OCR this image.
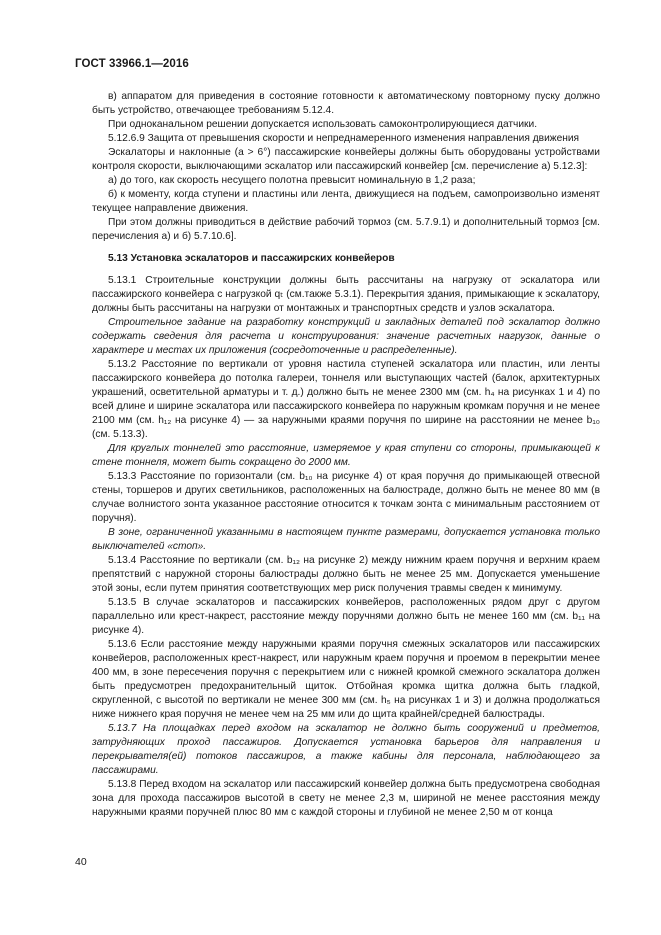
ГОСТ 33966.1—2016

в) аппаратом для приведения в состояние готовности к автоматическому повторному пуску должно быть устройство, отвечающее требованиям 5.12.4.

При одноканальном решении допускается использовать самоконтролирующиеся датчики.

5.12.6.9 Защита от превышения скорости и непреднамеренного изменения направления движения

Эскалаторы и наклонные (а > 6°) пассажирские конвейеры должны быть оборудованы устройствами контроля скорости, выключающими эскалатор или пассажирский конвейер [см. перечисление а) 5.12.3]:

а) до того, как скорость несущего полотна превысит номинальную в 1,2 раза;

б) к моменту, когда ступени и пластины или лента, движущиеся на подъем, самопроизвольно изменят текущее направление движения.

При этом должны приводиться в действие рабочий тормоз (см. 5.7.9.1) и дополнительный тормоз [см. перечисления а) и б) 5.7.10.6].

5.13 Установка эскалаторов и пассажирских конвейеров

5.13.1 Строительные конструкции должны быть рассчитаны на нагрузку от эскалатора или пассажирского конвейера с нагрузкой qₜ (см.также 5.3.1). Перекрытия здания, примыкающие к эскалатору, должны быть рассчитаны на нагрузки от монтажных и транспортных средств и узлов эскалатора.

Строительное задание на разработку конструкций и закладных деталей под эскалатор должно содержать сведения для расчета и конструирования: значение расчетных нагрузок, данные о характере и местах их приложения (сосредоточенные и распределенные).

5.13.2 Расстояние по вертикали от уровня настила ступеней эскалатора или пластин, или ленты пассажирского конвейера до потолка галереи, тоннеля или выступающих частей (балок, архитектурных украшений, осветительной арматуры и т. д.) должно быть не менее 2300 мм (см. h₄ на рисунках 1 и 4) по всей длине и ширине эскалатора или пассажирского конвейера по наружным кромкам поручня и не менее 2100 мм (см. h₁₂ на рисунке 4) — за наружными краями поручня по ширине на расстоянии не менее b₁₀ (см. 5.13.3).

Для круглых тоннелей это расстояние, измеряемое у края ступени со стороны, примыкающей к стене тоннеля, может быть сокращено до 2000 мм.

5.13.3 Расстояние по горизонтали (см. b₁₀ на рисунке 4) от края поручня до примыкающей отвесной стены, торшеров и других светильников, расположенных на балюстраде, должно быть не менее 80 мм (в случае волнистого зонта указанное расстояние относится к точкам зонта с минимальным расстоянием от поручня).

В зоне, ограниченной указанными в настоящем пункте размерами, допускается установка только выключателей «стоп».

5.13.4 Расстояние по вертикали (см. b₁₂ на рисунке 2) между нижним краем поручня и верхним краем препятствий с наружной стороны балюстрады должно быть не менее 25 мм. Допускается уменьшение этой зоны, если путем принятия соответствующих мер риск получения травмы сведен к минимуму.

5.13.5 В случае эскалаторов и пассажирских конвейеров, расположенных рядом друг с другом параллельно или крест-накрест, расстояние между поручнями должно быть не менее 160 мм (см. b₁₁ на рисунке 4).

5.13.6 Если расстояние между наружными краями поручня смежных эскалаторов или пассажирских конвейеров, расположенных крест-накрест, или наружным краем поручня и проемом в перекрытии менее 400 мм, в зоне пересечения поручня с перекрытием или с нижней кромкой смежного эскалатора должен быть предусмотрен предохранительный щиток. Отбойная кромка щитка должна быть гладкой, скругленной, с высотой по вертикали не менее 300 мм (см. h₅ на рисунках 1 и 3) и должна продолжаться ниже нижнего края поручня не менее чем на 25 мм или до щита крайней/средней балюстрады.

5.13.7 На площадках перед входом на эскалатор не должно быть сооружений и предметов, затрудняющих проход пассажиров. Допускается установка барьеров для направления и перекрывателя(ей) потоков пассажиров, а также кабины для персонала, наблюдающего за пассажирами.

5.13.8 Перед входом на эскалатор или пассажирский конвейер должна быть предусмотрена свободная зона для прохода пассажиров высотой в свету не менее 2,3 м, шириной не менее расстояния между наружными краями поручней плюс 80 мм с каждой стороны и глубиной не менее 2,50 м от конца

40
